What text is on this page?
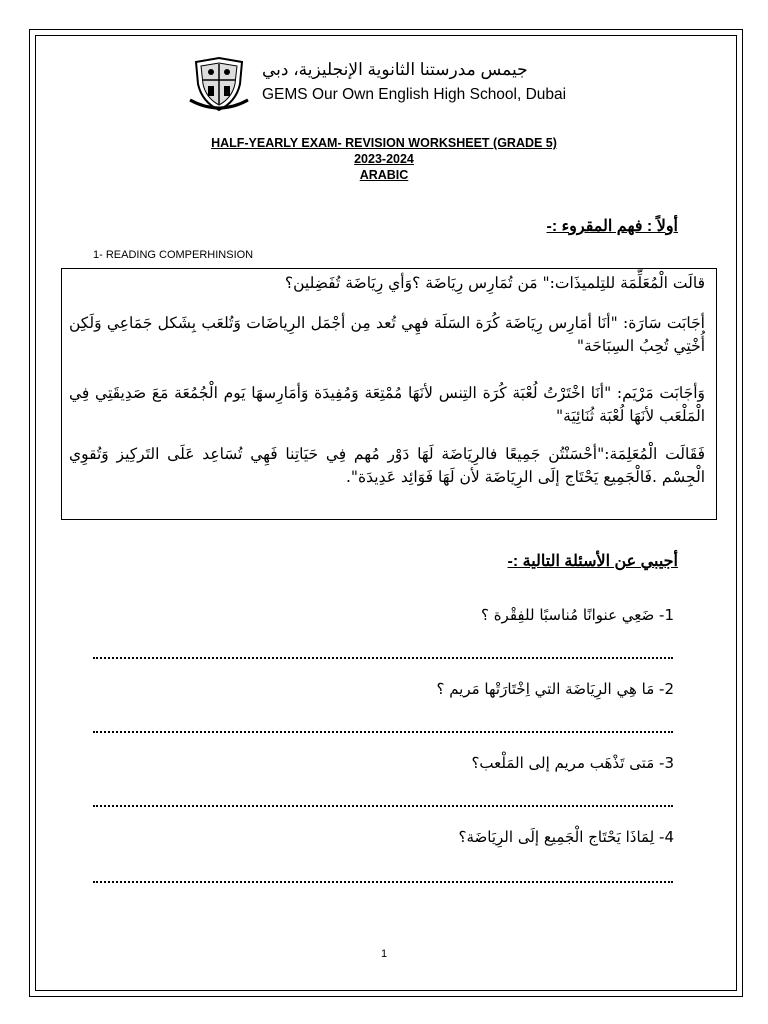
جيمس مدرستنا الثانوية الإنجليزية، دبي
GEMS Our Own English High School, Dubai
HALF-YEARLY EXAM- REVISION WORKSHEET (GRADE 5)
2023-2024
ARABIC
أولاً : فهم المقروء :-
1- READING COMPERHINSION
قالَت الْمُعَلِّمَة للتِلميذَات:" مَن تُمَارِس رِيَاضَة ؟وَأي رِيَاضَة تُفَضِلين؟
أجَابَت سَارَة: "أنَا أمَارِس رِيَاضَة كُرَة السَلَة فهِي تُعد مِن أجْمَل الرِياضَات وَتُلعَب بِشَكل جَمَاعِي وَلَكِن أُخْتِي تُحِبُ السِبَاحَة"
وَأجَابَت مَرْيَم: "أنَا اخْتَرْتُ لُعْبَة كُرَة التِنس لأنَهَا مُمْتِعَة وَمُفِيدَة وَأمَارِسهَا يَوم الْجُمُعَة مَعَ صَدِيقَتِي فِي الْمَلْعَب لأنَهَا لُعْبَة ثُنَائِيَة"
فَقَالَت الْمُعَلِمَة:"أحْسَنْتُن جَمِيعًا فالرِيَاضَة لَهَا دَوْر مُهم فِي حَيَاتِنا فَهِي تُسَاعِد عَلَى التَركِيز وَتُقوِي الْجِسْم .فَالْجَمِيع يَحْتَاج إلَى الرِيَاضَة لأن لَهَا فَوَائِد عَدِيدَة".
أجيبي عن الأسئلة التالية :-
1- ضَعِي عنوانًا مُناسبًا للفِقْرة ؟
2- مَا هِي الرِيَاضَة التي اِخْتَارَتْها مَريم ؟
3- مَتى تَذْهَب مريم إلى المَلْعب؟
4- لِمَاذَا يَحْتَاج الْجَمِيع إلَى الرِيَاضَة؟
1
